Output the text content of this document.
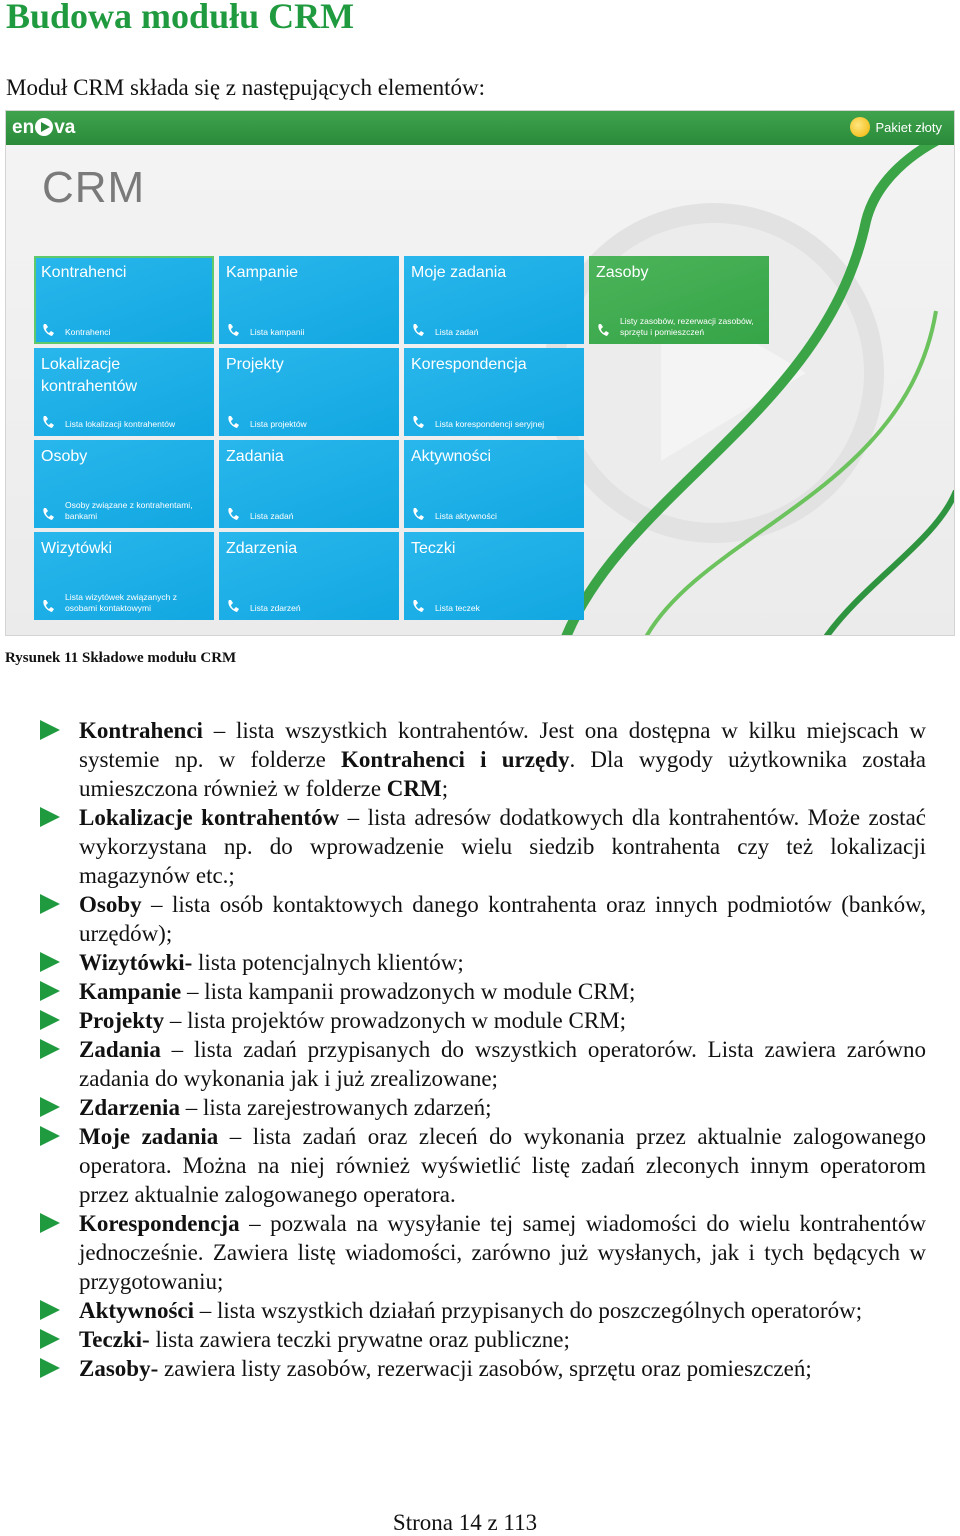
Budowa modułu CRM
Moduł CRM składa się z następujących elementów:
en va	Pakiet złoty
CRM
Kontrahenci
Kontrahenci
Kampanie
Lista kampanii
Moje zadania
Lista zadań
Zasoby
Listy zasobów, rezerwacji zasobów, sprzętu i pomieszczeń
Lokalizacje kontrahentów
Lista lokalizacji kontrahentów
Projekty
Lista projektów
Korespondencja
Lista korespondencji seryjnej
Osoby
Osoby związane z kontrahentami, bankami
Zadania
Lista zadań
Aktywności
Lista aktywności
Wizytówki
Lista wizytówek związanych z osobami kontaktowymi
Zdarzenia
Lista zdarzeń
Teczki
Lista teczek
Rysunek 11 Składowe modułu CRM
Kontrahenci – lista wszystkich kontrahentów. Jest ona dostępna w kilku miejscach w systemie np. w folderze Kontrahenci i urzędy. Dla wygody użytkownika została umieszczona również w folderze CRM;
Lokalizacje kontrahentów – lista adresów dodatkowych dla kontrahentów. Może zostać wykorzystana np. do wprowadzenie wielu siedzib kontrahenta czy też lokalizacji magazynów etc.;
Osoby – lista osób kontaktowych danego kontrahenta oraz innych podmiotów (banków, urzędów);
Wizytówki- lista potencjalnych klientów;
Kampanie – lista kampanii prowadzonych w module CRM;
Projekty – lista projektów prowadzonych w module CRM;
Zadania – lista zadań przypisanych do wszystkich operatorów. Lista zawiera zarówno zadania do wykonania jak i już zrealizowane;
Zdarzenia – lista zarejestrowanych zdarzeń;
Moje zadania – lista zadań oraz zleceń do wykonania przez aktualnie zalogowanego operatora. Można na niej również wyświetlić listę zadań zleconych innym operatorom przez aktualnie zalogowanego operatora.
Korespondencja – pozwala na wysyłanie tej samej wiadomości do wielu kontrahentów jednocześnie. Zawiera listę wiadomości, zarówno już wysłanych, jak i tych będących w przygotowaniu;
Aktywności – lista wszystkich działań przypisanych do poszczególnych operatorów;
Teczki- lista zawiera teczki prywatne oraz publiczne;
Zasoby- zawiera listy zasobów, rezerwacji zasobów, sprzętu oraz pomieszczeń;
Strona 14 z 113
